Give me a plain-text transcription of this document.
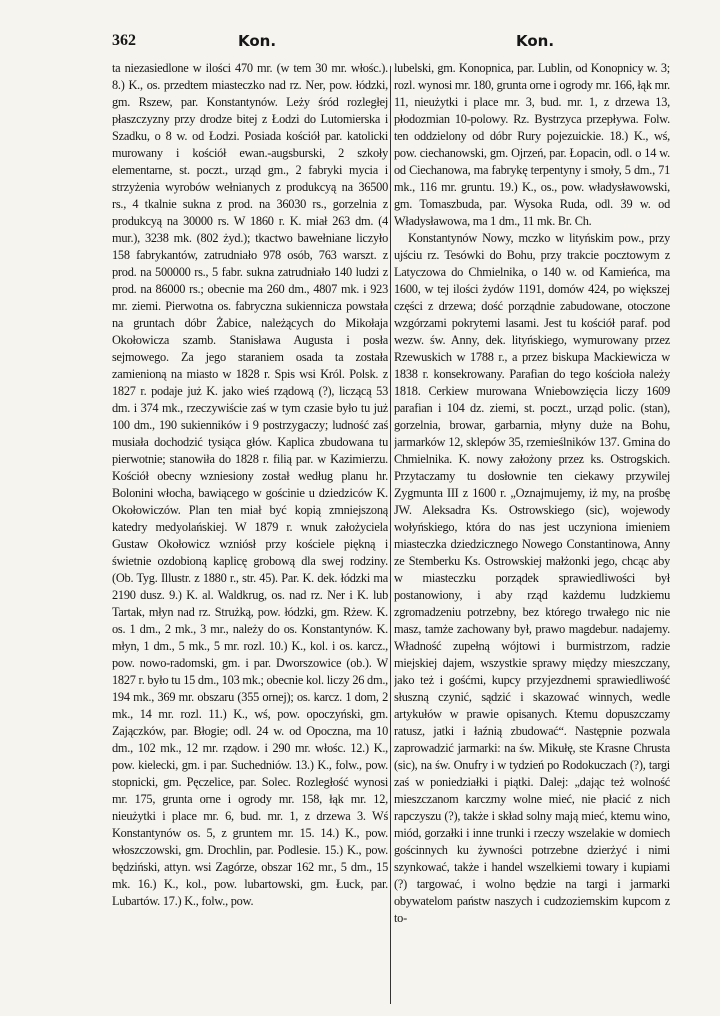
362	Kon.	Kon.

ta niezasiedlone w ilości 470 mr. (w tem 30 mr. włośc.). 8.) K., os. przedtem miasteczko nad rz. Ner, pow. łódzki, gm. Rszew, par. Konstantynów. Leży śród rozległej płaszczyzny przy drodze bitej z Łodzi do Lutomierska i Szadku, o 8 w. od Łodzi. Posiada kościół par. katolicki murowany i kościół ewan.-augsburski, 2 szkoły elementarne, st. poczt., urząd gm., 2 fabryki mycia i strzyżenia wyrobów wełnianych z produkcyą na 36500 rs., 4 tkalnie sukna z prod. na 36030 rs., gorzelnia z produkcyą na 30000 rs. W 1860 r. K. miał 263 dm. (4 mur.), 3238 mk. (802 żyd.); tkactwo bawełniane liczyło 158 fabrykantów, zatrudniało 978 osób, 763 warszt. z prod. na 500000 rs., 5 fabr. sukna zatrudniało 140 ludzi z prod. na 86000 rs.; obecnie ma 260 dm., 4807 mk. i 923 mr. ziemi. Pierwotna os. fabryczna sukiennicza powstała na gruntach dóbr Żabice, należących do Mikołaja Okołowicza szamb. Stanisława Augusta i posła sejmowego. Za jego staraniem osada ta została zamienioną na miasto w 1828 r. Spis wsi Król. Polsk. z 1827 r. podaje już K. jako wieś rządową (?), liczącą 53 dm. i 374 mk., rzeczywiście zaś w tym czasie było tu już 100 dm., 190 sukienników i 9 postrzygaczy; ludność zaś musiała dochodzić tysiąca głów. Kaplica zbudowana tu pierwotnie; stanowiła do 1828 r. filią par. w Kazimierzu. Kościół obecny wzniesiony został według planu hr. Bolonini włocha, bawiącego w gościnie u dziedziców K. Okołowiczów. Plan ten miał być kopią zmniejszoną katedry medyolańskiej. W 1879 r. wnuk założyciela Gustaw Okołowicz wzniósł przy kościele piękną i świetnie ozdobioną kaplicę grobową dla swej rodziny. (Ob. Tyg. Illustr. z 1880 r., str. 45). Par. K. dek. łódzki ma 2190 dusz. 9.) K. al. Waldkrug, os. nad rz. Ner i K. lub Tartak, młyn nad rz. Strużką, pow. łódzki, gm. Rżew. K. os. 1 dm., 2 mk., 3 mr., należy do os. Konstantynów. K. młyn, 1 dm., 5 mk., 5 mr. rozl. 10.) K., kol. i os. karcz., pow. nowo-radomski, gm. i par. Dworszowice (ob.). W 1827 r. było tu 15 dm., 103 mk.; obecnie kol. liczy 26 dm., 194 mk., 369 mr. obszaru (355 ornej); os. karcz. 1 dom, 2 mk., 14 mr. rozl. 11.) K., wś, pow. opoczyński, gm. Zajączków, par. Błogie; odl. 24 w. od Opoczna, ma 10 dm., 102 mk., 12 mr. rządow. i 290 mr. włośc. 12.) K., pow. kielecki, gm. i par. Suchedniów. 13.) K., folw., pow. stopnicki, gm. Pęczelice, par. Solec. Rozległość wynosi mr. 175, grunta orne i ogrody mr. 158, łąk mr. 12, nieużytki i place mr. 6, bud. mr. 1, z drzewa 3. Wś Konstantynów os. 5, z gruntem mr. 15. 14.) K., pow. włoszczowski, gm. Drochlin, par. Podlesie. 15.) K., pow. będziński, attyn. wsi Zagórze, obszar 162 mr., 5 dm., 15 mk. 16.) K., kol., pow. lubartowski, gm. Łuck, par. Lubartów. 17.) K., folw., pow.

lubelski, gm. Konopnica, par. Lublin, od Konopnicy w. 3; rozl. wynosi mr. 180, grunta orne i ogrody mr. 166, łąk mr. 11, nieużytki i place mr. 3, bud. mr. 1, z drzewa 13, płodozmian 10-polowy. Rz. Bystrzyca przepływa. Folw. ten oddzielony od dóbr Rury pojezuickie. 18.) K., wś, pow. ciechanowski, gm. Ojrzeń, par. Łopacin, odl. o 14 w. od Ciechanowa, ma fabrykę terpentyny i smoły, 5 dm., 71 mk., 116 mr. gruntu. 19.) K., os., pow. władysławowski, gm. Tomaszbuda, par. Wysoka Ruda, odl. 39 w. od Władysławowa, ma 1 dm., 11 mk. Br. Ch.

Konstantynów Nowy, mczko w lityńskim pow., przy ujściu rz. Tesówki do Bohu, przy trakcie pocztowym z Latyczowa do Chmielnika, o 140 w. od Kamieńca, ma 1600, w tej ilości żydów 1191, domów 424, po większej części z drzewa; dość porządnie zabudowane, otoczone wzgórzami pokrytemi lasami. Jest tu kościół paraf. pod wezw. św. Anny, dek. lityńskiego, wymurowany przez Rzewuskich w 1788 r., a przez biskupa Mackiewicza w 1838 r. konsekrowany. Parafian do tego kościoła należy 1818. Cerkiew murowana Wniebowzięcia liczy 1609 parafian i 104 dz. ziemi, st. poczt., urząd polic. (stan), gorzelnia, browar, garbarnia, młyny duże na Bohu, jarmarków 12, sklepów 35, rzemieślników 137. Gmina do Chmielnika. K. nowy założony przez ks. Ostrogskich. Przytaczamy tu dosłownie ten ciekawy przywilej Zygmunta III z 1600 r. „Oznajmujemy, iż my, na prośbę JW. Aleksadra Ks. Ostrowskiego (sic), wojewody wołyńskiego, która do nas jest uczyniona imieniem miasteczka dziedzicznego Nowego Constantinowa, Anny ze Stemberku Ks. Ostrowskiej małżonki jego, chcąc aby w miasteczku porządek sprawiedliwości był postanowiony, i aby rząd każdemu ludzkiemu zgromadzeniu potrzebny, bez którego trwałego nic nie masz, tamże zachowany był, prawo magdebur. nadajemy. Władność zupełną wójtowi i burmistrzom, radzie miejskiej dajem, wszystkie sprawy między mieszczany, jako też i gośćmi, kupcy przyjezdnemi sprawiedliwość słuszną czynić, sądzić i skazować winnych, wedle artykułów w prawie opisanych. Ktemu dopuszczamy ratusz, jatki i łaźnią zbudować“. Następnie pozwala zaprowadzić jarmarki: na św. Mikułę, ste Krasne Chrusta (sic), na św. Onufry i w tydzień po Rodokuczach (?), targi zaś w poniedziałki i piątki. Dalej: „dając też wolność mieszczanom karczmy wolne mieć, nie płacić z nich rapczyszu (?), także i skład solny mają mieć, ktemu wino, miód, gorzałki i inne trunki i rzeczy wszelakie w domiech gościnnych ku żywności potrzebne dzierżyć i nimi szynkować, także i handel wszelkiemi towary i kupiami (?) targować, i wolno będzie na targi i jarmarki obywatelom państw naszych i cudzoziemskim kupcom z to-
